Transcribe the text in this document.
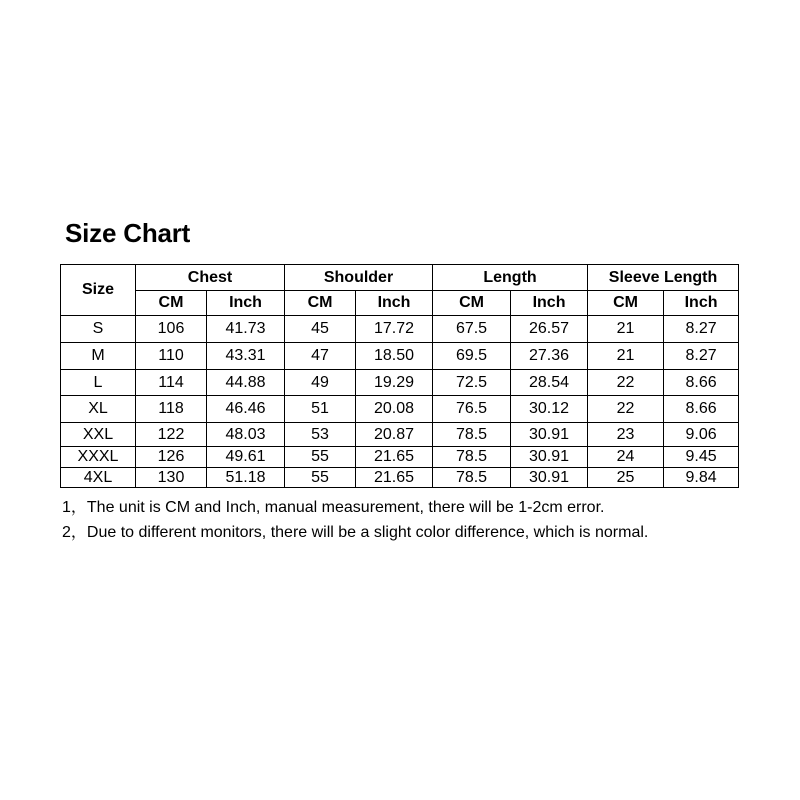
Size Chart
Size	Chest		Shoulder		Length		Sleeve Length	
	CM	Inch	CM	Inch	CM	Inch	CM	Inch
S	106	41.73	45	17.72	67.5	26.57	21	8.27
M	110	43.31	47	18.50	69.5	27.36	21	8.27
L	114	44.88	49	19.29	72.5	28.54	22	8.66
XL	118	46.46	51	20.08	76.5	30.12	22	8.66
XXL	122	48.03	53	20.87	78.5	30.91	23	9.06
XXXL	126	49.61	55	21.65	78.5	30.91	24	9.45
4XL	130	51.18	55	21.65	78.5	30.91	25	9.84

1，The unit is CM and Inch, manual measurement, there will be 1-2cm error.

2，Due to different monitors, there will be a slight color difference, which is normal.
